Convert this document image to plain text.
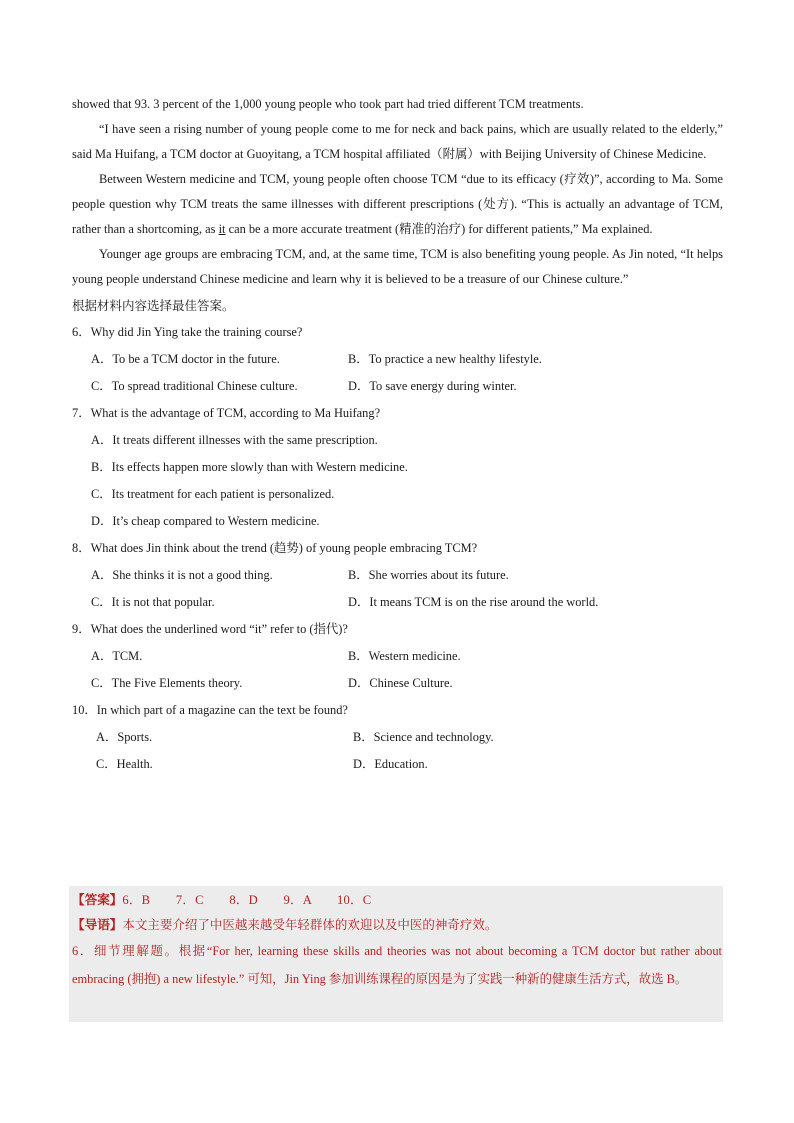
showed that 93. 3 percent of the 1,000 young people who took part had tried different TCM treatments.

“I have seen a rising number of young people come to me for neck and back pains, which are usually related to the elderly,” said Ma Huifang, a TCM doctor at Guoyitang, a TCM hospital affiliated（附属）with Beijing University of Chinese Medicine.

Between Western medicine and TCM, young people often choose TCM “due to its efficacy (疗效)”, according to Ma. Some people question why TCM treats the same illnesses with different prescriptions (处方). “This is actually an advantage of TCM, rather than a shortcoming, as it can be a more accurate treatment (精准的治疗) for different patients,” Ma explained.

Younger age groups are embracing TCM, and, at the same time, TCM is also benefiting young people. As Jin noted, “It helps young people understand Chinese medicine and learn why it is believed to be a treasure of our Chinese culture.”

根据材料内容选择最佳答案。

6．Why did Jin Ying take the training course?

A．To be a TCM doctor in the future.	B．To practice a new healthy lifestyle.
C．To spread traditional Chinese culture.	D．To save energy during winter.

7．What is the advantage of TCM, according to Ma Huifang?

A．It treats different illnesses with the same prescription.
B．Its effects happen more slowly than with Western medicine.
C．Its treatment for each patient is personalized.
D．It’s cheap compared to Western medicine.

8．What does Jin think about the trend (趋势) of young people embracing TCM?

A．She thinks it is not a good thing.	B．She worries about its future.
C．It is not that popular.	D．It means TCM is on the rise around the world.

9．What does the underlined word “it” refer to (指代)?

A．TCM.	B．Western medicine.
C．The Five Elements theory.	D．Chinese Culture.

10．In which part of a magazine can the text be found?

A．Sports.	B．Science and technology.
C．Health.	D．Education.
【答案】6．B　　7．C　　8．D　　9．A　　10．C
【导语】本文主要介绍了中医越来越受年轻群体的欢迎以及中医的神奇疗效。
6．细节理解题。根据“For her, learning these skills and theories was not about becoming a TCM doctor but rather about embracing (拥抱) a new lifestyle.” 可知，Jin Ying 参加训练课程的原因是为了实践一种新的健康生活方式，故选 B。
